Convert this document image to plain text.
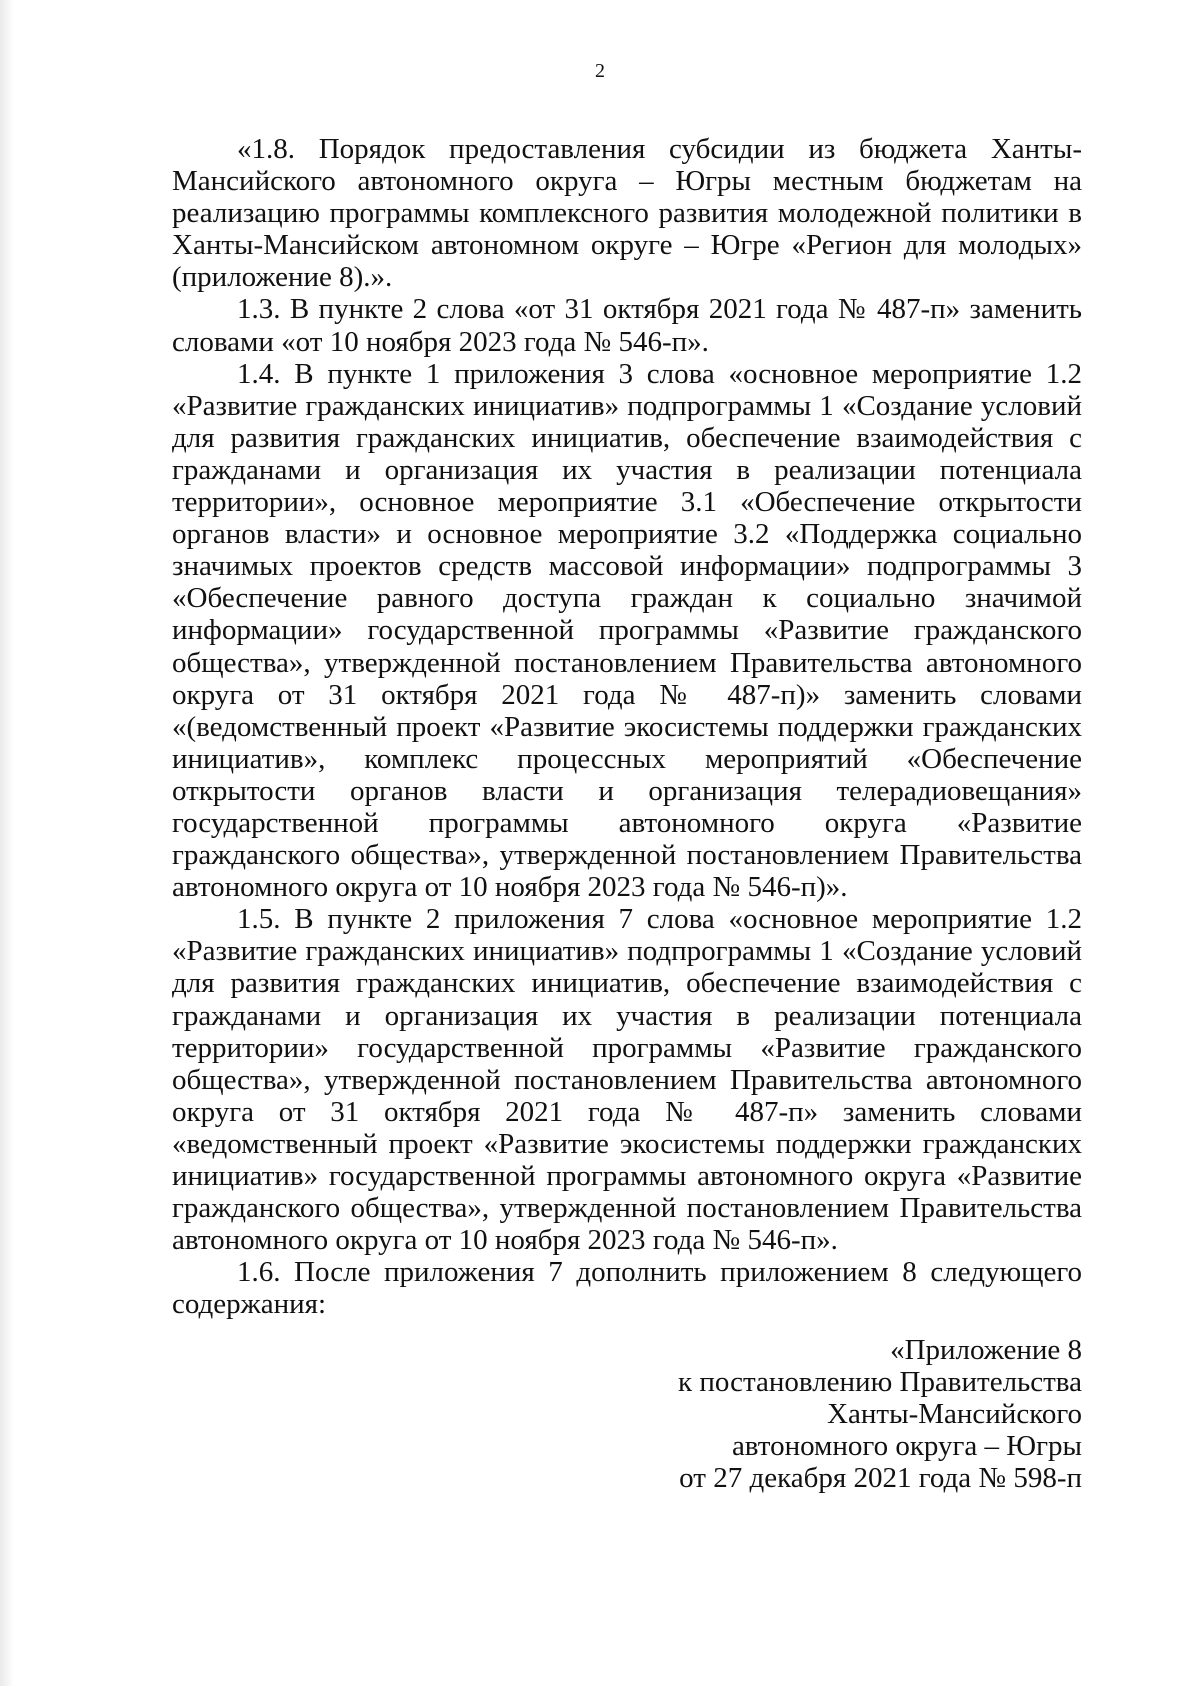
2

«1.8. Порядок предоставления субсидии из бюджета Ханты-Мансийского автономного округа – Югры местным бюджетам на реализацию программы комплексного развития молодежной политики в Ханты-Мансийском автономном округе – Югре «Регион для молодых» (приложение 8).».

1.3. В пункте 2 слова «от 31 октября 2021 года № 487-п» заменить словами «от 10 ноября 2023 года № 546-п».

1.4. В пункте 1 приложения 3 слова «основное мероприятие 1.2 «Развитие гражданских инициатив» подпрограммы 1 «Создание условий для развития гражданских инициатив, обеспечение взаимодействия с гражданами и организация их участия в реализации потенциала территории», основное мероприятие 3.1 «Обеспечение открытости органов власти» и основное мероприятие 3.2 «Поддержка социально значимых проектов средств массовой информации» подпрограммы 3 «Обеспечение равного доступа граждан к социально значимой информации» государственной программы «Развитие гражданского общества», утвержденной постановлением Правительства автономного округа от 31 октября 2021 года № 487-п)» заменить словами «(ведомственный проект «Развитие экосистемы поддержки гражданских инициатив», комплекс процессных мероприятий «Обеспечение открытости органов власти и организация телерадиовещания» государственной программы автономного округа «Развитие гражданского общества», утвержденной постановлением Правительства автономного округа от 10 ноября 2023 года № 546-п)».

1.5. В пункте 2 приложения 7 слова «основное мероприятие 1.2 «Развитие гражданских инициатив» подпрограммы 1 «Создание условий для развития гражданских инициатив, обеспечение взаимодействия с гражданами и организация их участия в реализации потенциала территории» государственной программы «Развитие гражданского общества», утвержденной постановлением Правительства автономного округа от 31 октября 2021 года № 487-п» заменить словами «ведомственный проект «Развитие экосистемы поддержки гражданских инициатив» государственной программы автономного округа «Развитие гражданского общества», утвержденной постановлением Правительства автономного округа от 10 ноября 2023 года № 546-п».

1.6. После приложения 7 дополнить приложением 8 следующего содержания:

«Приложение 8
к постановлению Правительства
Ханты-Мансийского
автономного округа – Югры
от 27 декабря 2021 года № 598-п
